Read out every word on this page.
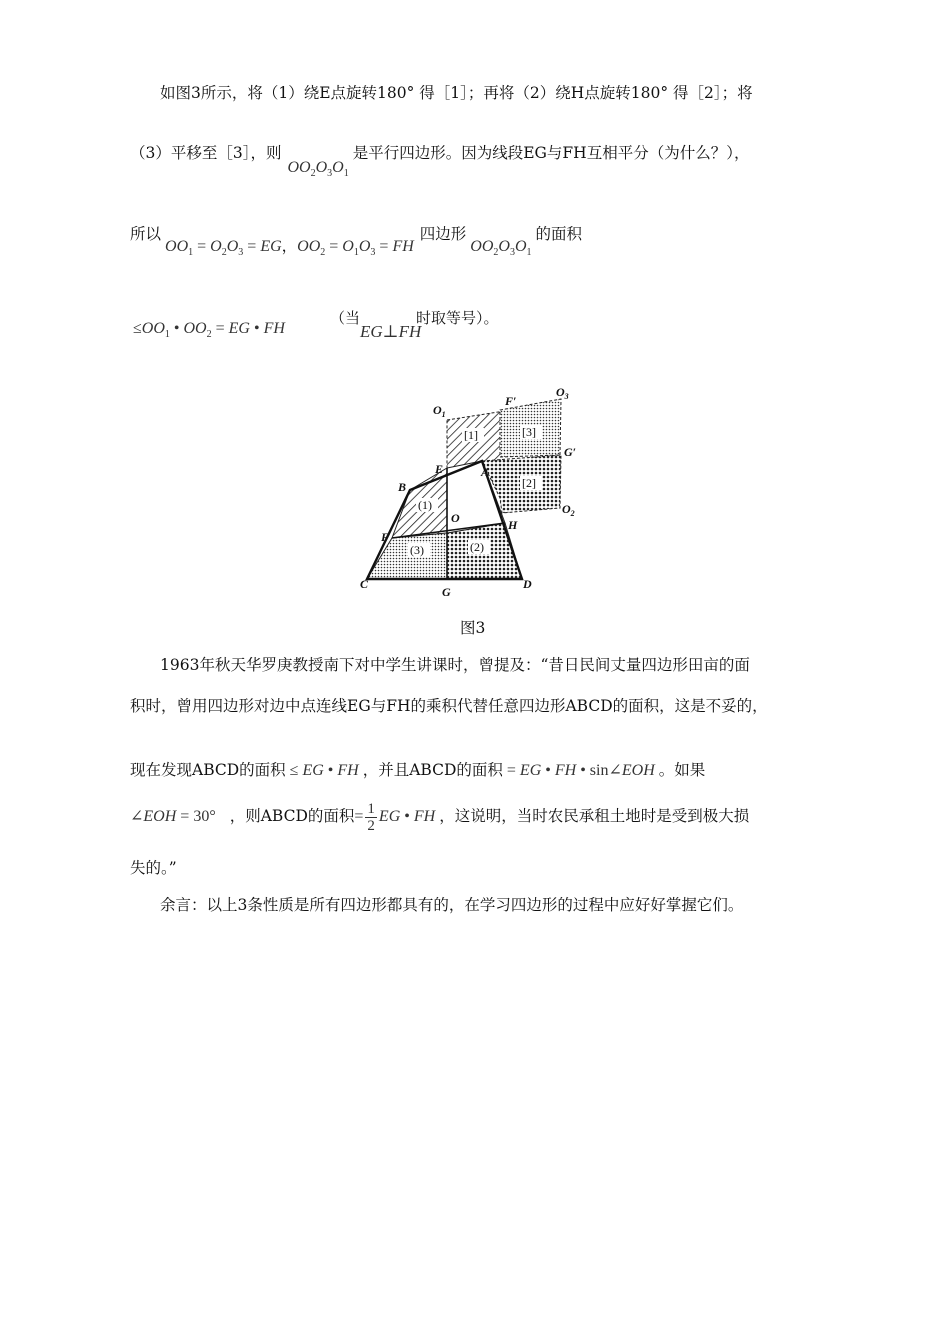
如图3所示，将（1）绕E点旋转180° 得［1］；再将（2）绕H点旋转180° 得［2］；将
（3）平移至［3］，则$OO_2O_3O_1$是平行四边形。因为线段EG与FH互相平分（为什么？），
所以$OO_1 = O_2O_3$ = EG，$OO_2 = O_1O_3$ = FH四边形$OO_2O_3O_1$的面积
$\le OO_1$ • $OO_2$ = EG • FH
（当
EG⊥FH
时取等号）。
$O_1$
F′
$O_3$
G′
$O_2$
B
E	A
O	H
F
C
G
D
[1]	[3]
[2]
(1)
(3)	(2)
图3
1963年秋天华罗庚教授南下对中学生讲课时，曾提及：“昔日民间丈量四边形田亩的面
积时，曾用四边形对边中点连线EG与FH的乘积代替任意四边形ABCD的面积，这是不妥的，
现在发现ABCD的面积 ≤ EG • FH ，并且ABCD的面积 = EG • FH • sin∠EOH 。如果
∠EOH = 30° ，则ABCD的面积= $\frac{1}{2}$ EG • FH ，这说明，当时农民承租土地时是受到极大损
失的。”
余言：以上3条性质是所有四边形都具有的，在学习四边形的过程中应好好掌握它们。
